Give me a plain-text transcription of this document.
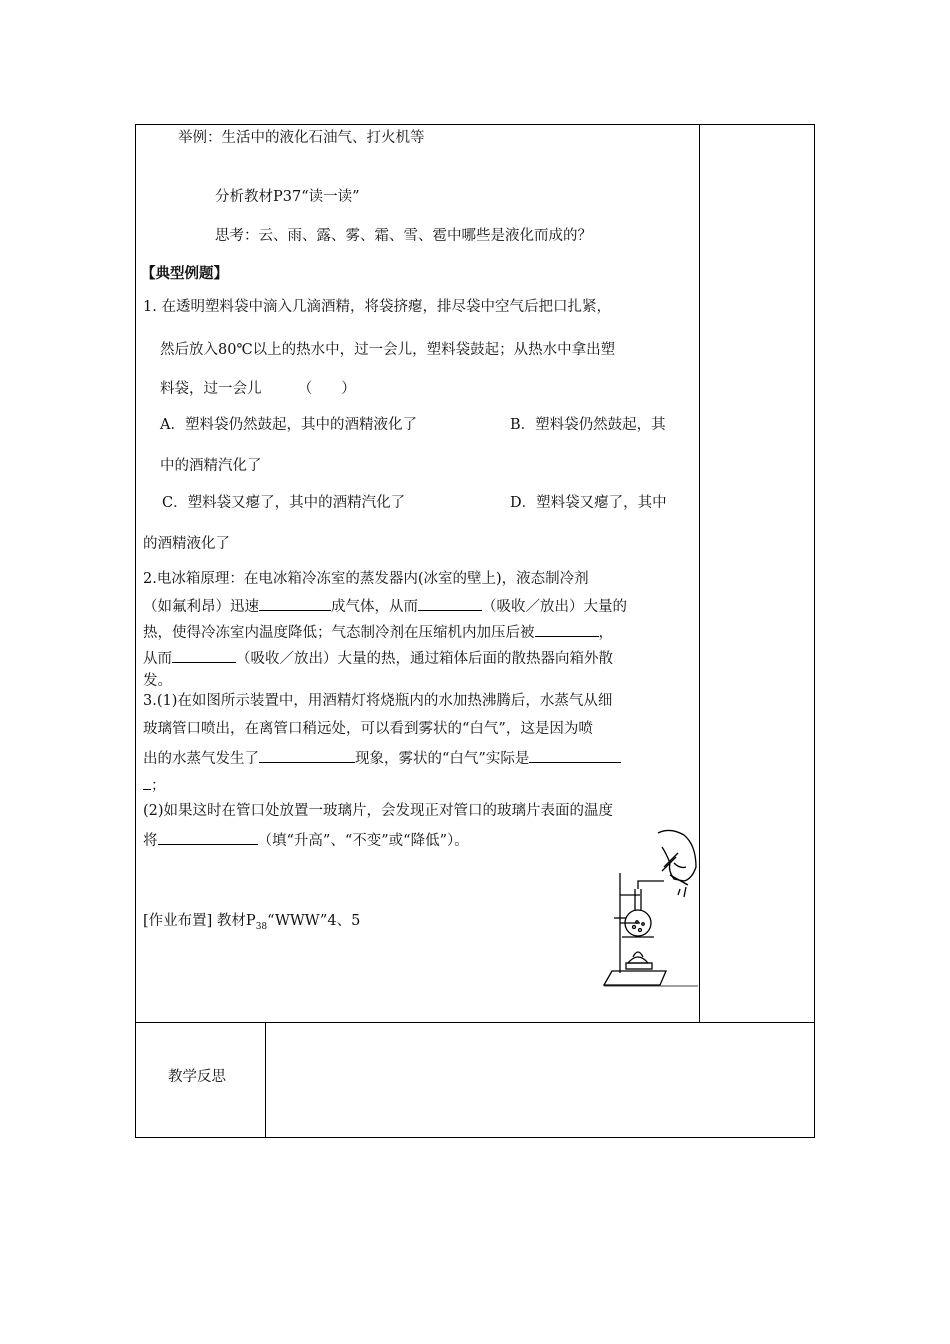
举例：生活中的液化石油气、打火机等
分析教材P37“读一读”
思考：云、雨、露、雾、霜、雪、雹中哪些是液化而成的？
【典型例题】
1. 在透明塑料袋中滴入几滴酒精，将袋挤瘪，排尽袋中空气后把口扎紧，
然后放入80℃以上的热水中，过一会儿，塑料袋鼓起；从热水中拿出塑
料袋，过一会儿　　　（　　）
A．塑料袋仍然鼓起，其中的酒精液化了	B．塑料袋仍然鼓起，其
中的酒精汽化了
C．塑料袋又瘪了，其中的酒精汽化了	D．塑料袋又瘪了，其中
的酒精液化了
2.电冰箱原理：在电冰箱冷冻室的蒸发器内(冰室的壁上)，液态制冷剂
（如氟利昂）迅速	成气体，从而	（吸收／放出）大量的
热，使得冷冻室内温度降低；气态制冷剂在压缩机内加压后被	，
从而	（吸收／放出）大量的热，通过箱体后面的散热器向箱外散
发。
3.(1)在如图所示装置中，用酒精灯将烧瓶内的水加热沸腾后，水蒸气从细
玻璃管口喷出，在离管口稍远处，可以看到雾状的“白气”，这是因为喷
出的水蒸气发生了	现象，雾状的“白气”实际是
；
(2)如果这时在管口处放置一玻璃片，会发现正对管口的玻璃片表面的温度
将	（填“升高”、“不变”或“降低”）。
[作业布置] 教材$P_{38}“WWW”4$、5
教学反思
